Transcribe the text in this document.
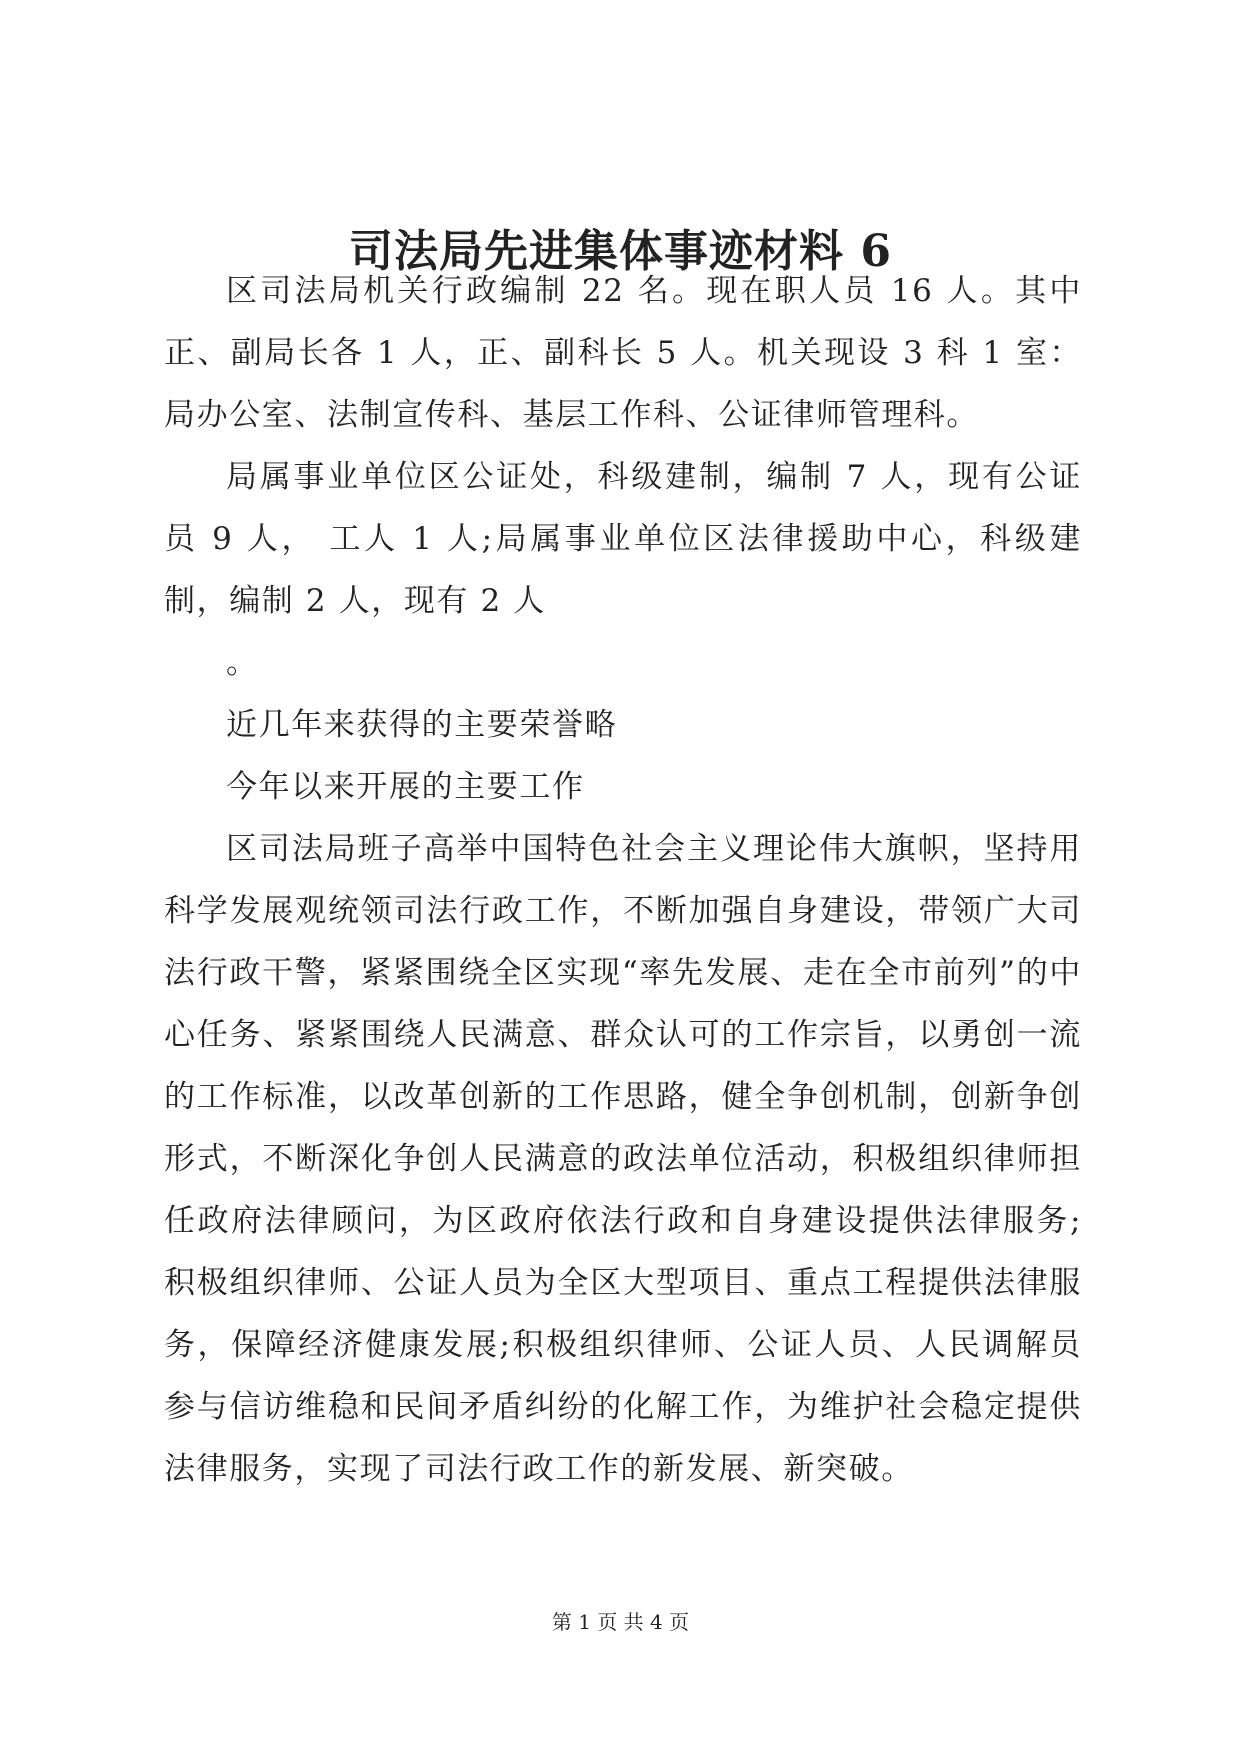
司法局先进集体事迹材料 6

区司法局机关行政编制 22 名。现在职人员 16 人。其中正、副局长各 1 人，正、副科长 5 人。机关现设 3 科 1 室：局办公室、法制宣传科、基层工作科、公证律师管理科。

局属事业单位区公证处，科级建制，编制 7 人，现有公证员 9 人， 工人 1 人;局属事业单位区法律援助中心，科级建制，编制 2 人，现有 2 人

。

近几年来获得的主要荣誉略

今年以来开展的主要工作

区司法局班子高举中国特色社会主义理论伟大旗帜，坚持用科学发展观统领司法行政工作，不断加强自身建设，带领广大司法行政干警，紧紧围绕全区实现“率先发展、走在全市前列”的中心任务、紧紧围绕人民满意、群众认可的工作宗旨，以勇创一流的工作标准，以改革创新的工作思路，健全争创机制，创新争创形式，不断深化争创人民满意的政法单位活动，积极组织律师担任政府法律顾问，为区政府依法行政和自身建设提供法律服务;积极组织律师、公证人员为全区大型项目、重点工程提供法律服务，保障经济健康发展;积极组织律师、公证人员、人民调解员参与信访维稳和民间矛盾纠纷的化解工作，为维护社会稳定提供法律服务，实现了司法行政工作的新发展、新突破。

第 1 页 共 4 页
